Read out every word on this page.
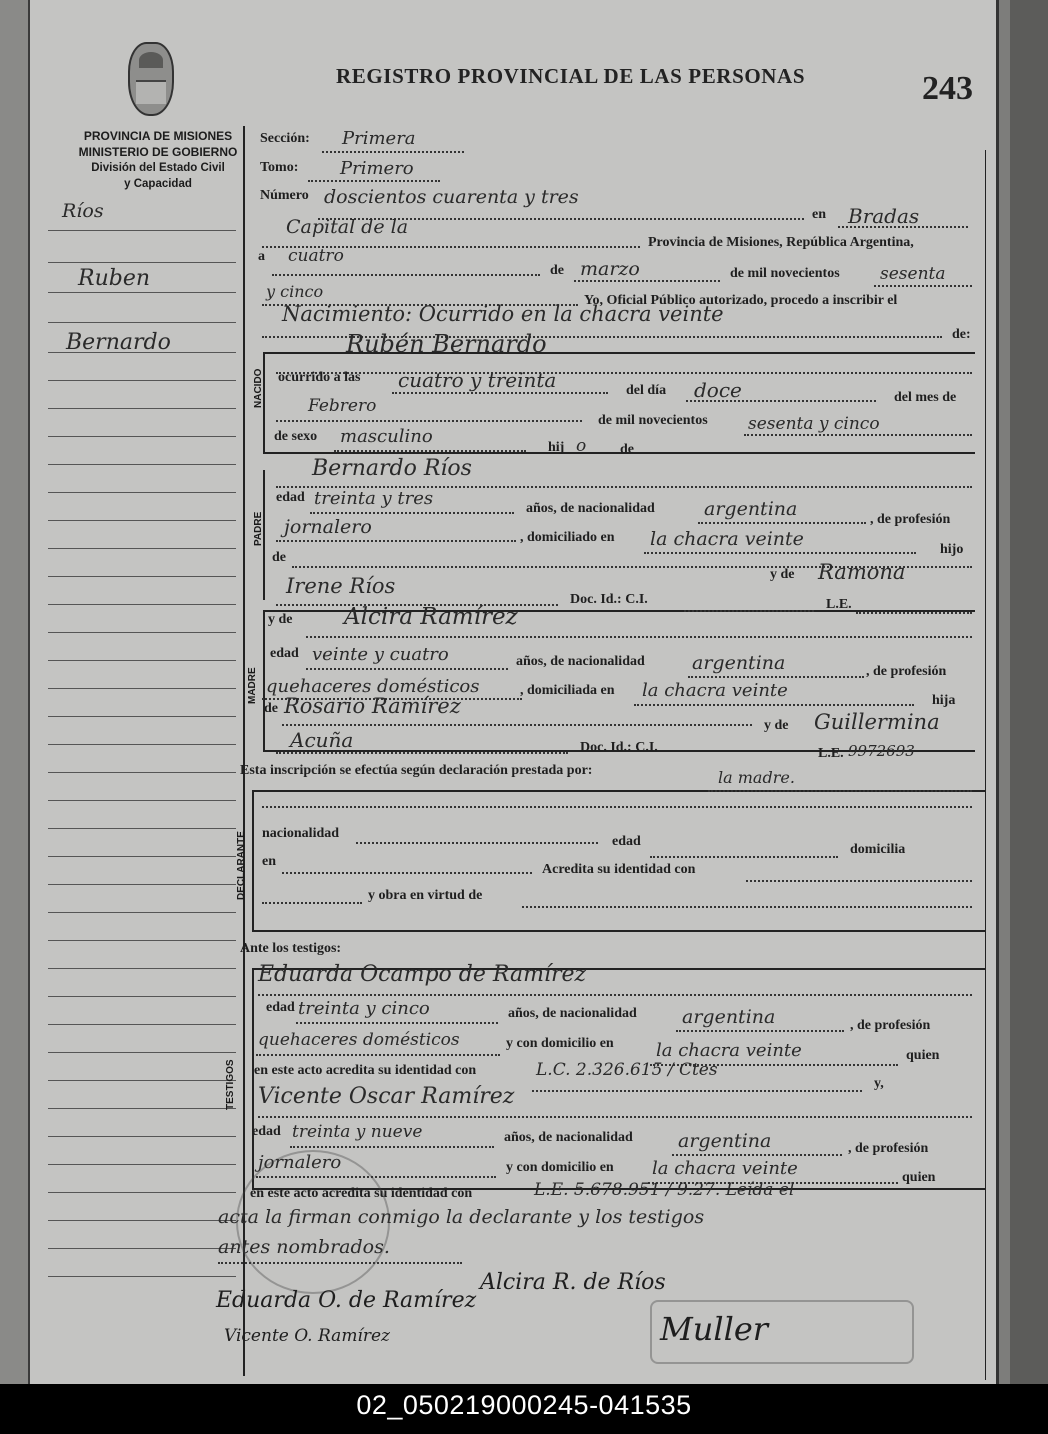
REGISTRO PROVINCIAL DE LAS PERSONAS	243
PROVINCIA DE MISIONES
MINISTERIO DE GOBIERNO
División del Estado Civil
y Capacidad
Ríos
Ruben
Bernardo
Sección: Primera
Tomo: Primero
Número doscientos cuarenta y tres
en Bradas
Capital de la
Provincia de Misiones, República Argentina,
a cuatro
de marzo	de mil novecientos sesenta
y cinco	Yo, Oficial Público autorizado, procedo a inscribir el
Nacimiento: Ocurrido en la chacra veinte
de:
NACIDO
Rubén Bernardo
ocurrido a las cuatro y treinta	del día doce	del mes de
Febrero
de mil novecientos sesenta y cinco
de sexo masculino
hij o de
PADRE
Bernardo Ríos
edad treinta y tres	años, de nacionalidad	argentina	, de profesión
jornalero	, domiciliado en la chacra veinte	hijo
de
y de Ramona
Irene Ríos
Doc. Id.: C.I.	L.E.
y de Alcira Ramírez
MADRE
edad veinte y cuatro	años, de nacionalidad argentina	, de profesión
quehaceres domésticos	, domiciliada en la chacra veinte	hija
de Rosario Ramírez
y de Guillermina
Acuña	Doc. Id.: C.I.	L.E. 9972693
Esta inscripción se efectúa según declaración prestada por:	la madre.
DECLARANTE nacionalidad
edad
domicilia
en
Acredita su identidad con
y obra en virtud de
Ante los testigos:
TESTIGOS
Eduarda Ocampo de Ramírez
edad treinta y cinco	años, de nacionalidad argentina	, de profesión
quehaceres domésticos	y con domicilio en la chacra veinte	quien
en este acto acredita su identidad con	L.C. 2.326.615 / Ctes
y,
Vicente Oscar Ramírez
edad treinta y nueve	años, de nacionalidad argentina	, de profesión
jornalero	y con domicilio en la chacra veinte	quien
en este acto acredita su identidad con	L.E. 5.678.951 / 9.27. Leída el
acta la firman conmigo la declarante y los testigos
antes nombrados.
Alcira R. de Ríos
Eduarda O. de Ramírez
Vicente O. Ramírez	Muller
02_050219000245-041535
